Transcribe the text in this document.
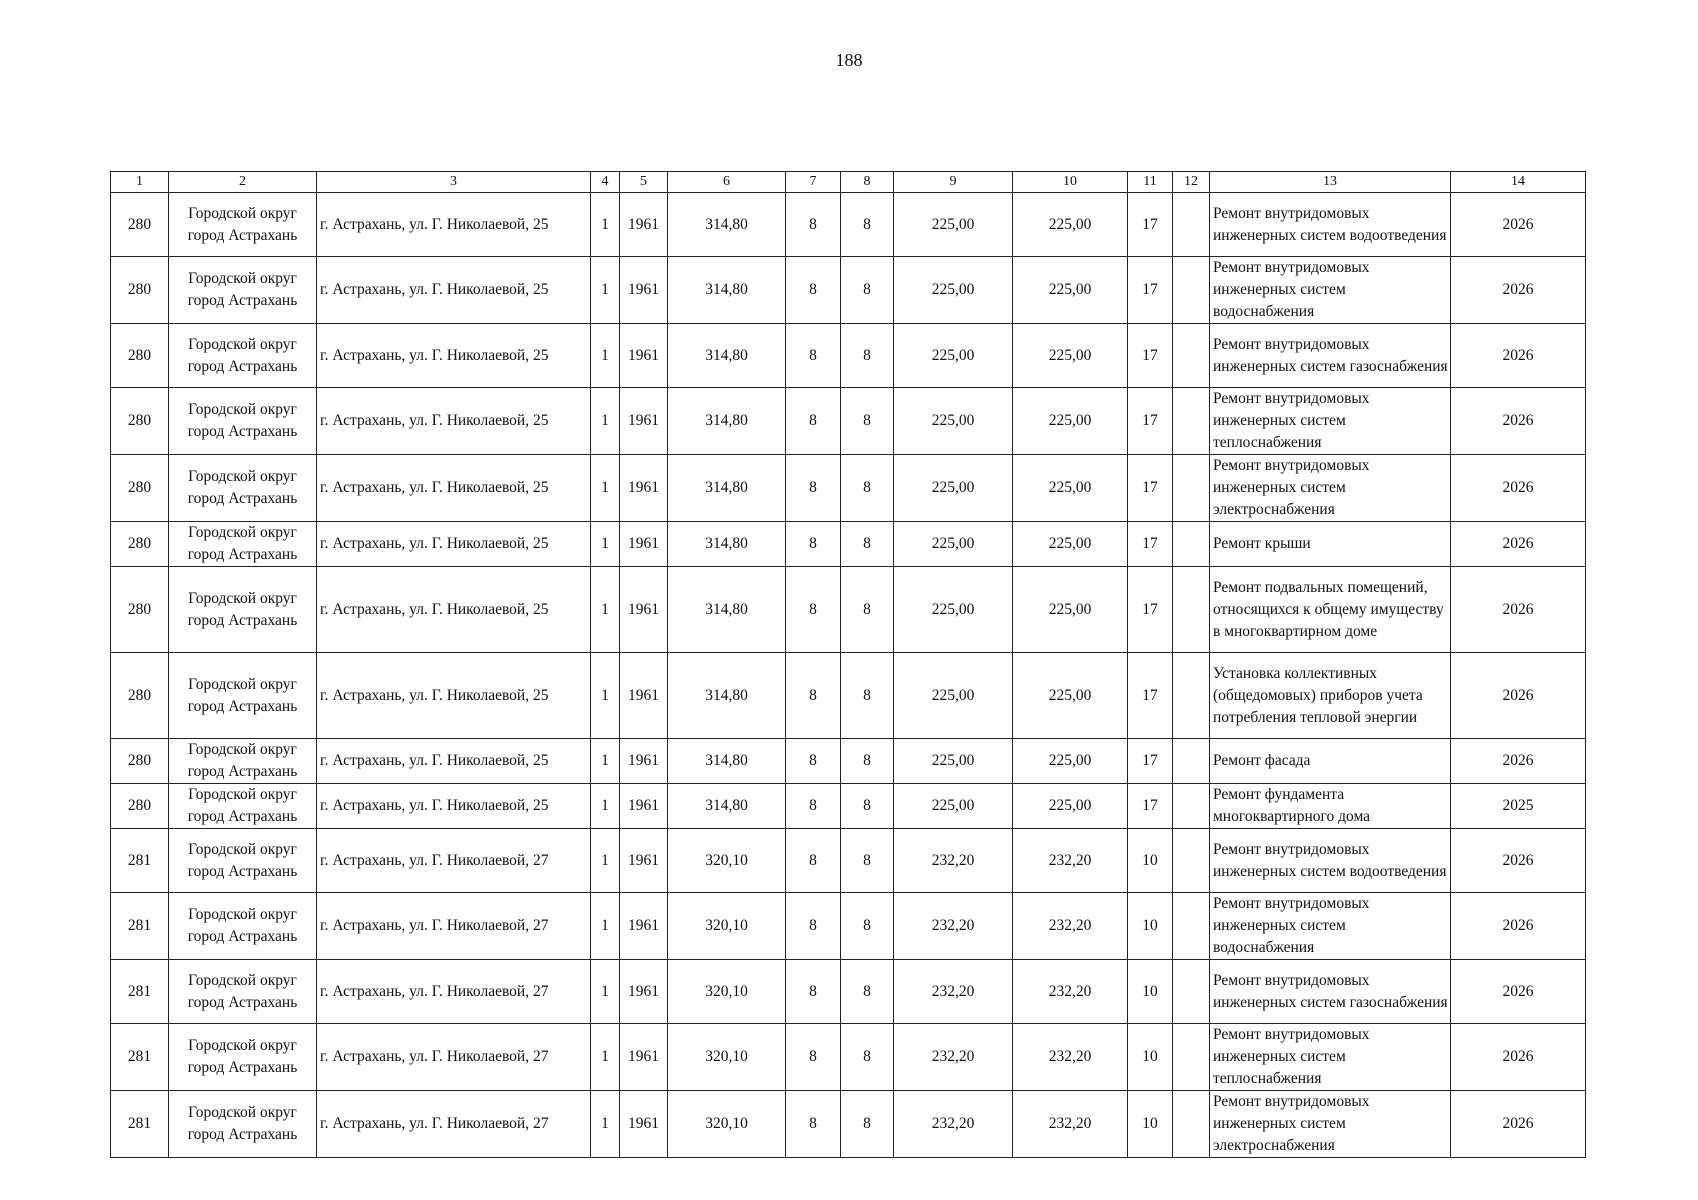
188
1	2	3	4	5	6	7	8	9	10	11	12	13	14
280	Городской округ город Астрахань	г. Астрахань, ул. Г. Николаевой, 25	1	1961	314,80	8	8	225,00	225,00	17		Ремонт внутридомовых инженерных систем водоотведения	2026
280	Городской округ город Астрахань	г. Астрахань, ул. Г. Николаевой, 25	1	1961	314,80	8	8	225,00	225,00	17		Ремонт внутридомовых инженерных систем водоснабжения	2026
280	Городской округ город Астрахань	г. Астрахань, ул. Г. Николаевой, 25	1	1961	314,80	8	8	225,00	225,00	17		Ремонт внутридомовых инженерных систем газоснабжения	2026
280	Городской округ город Астрахань	г. Астрахань, ул. Г. Николаевой, 25	1	1961	314,80	8	8	225,00	225,00	17		Ремонт внутридомовых инженерных систем теплоснабжения	2026
280	Городской округ город Астрахань	г. Астрахань, ул. Г. Николаевой, 25	1	1961	314,80	8	8	225,00	225,00	17		Ремонт внутридомовых инженерных систем электроснабжения	2026
280	Городской округ город Астрахань	г. Астрахань, ул. Г. Николаевой, 25	1	1961	314,80	8	8	225,00	225,00	17		Ремонт крыши	2026
280	Городской округ город Астрахань	г. Астрахань, ул. Г. Николаевой, 25	1	1961	314,80	8	8	225,00	225,00	17		Ремонт подвальных помещений, относящихся к общему имуществу в многоквартирном доме	2026
280	Городской округ город Астрахань	г. Астрахань, ул. Г. Николаевой, 25	1	1961	314,80	8	8	225,00	225,00	17		Установка коллективных (общедомовых) приборов учета потребления тепловой энергии	2026
280	Городской округ город Астрахань	г. Астрахань, ул. Г. Николаевой, 25	1	1961	314,80	8	8	225,00	225,00	17		Ремонт фасада	2026
280	Городской округ город Астрахань	г. Астрахань, ул. Г. Николаевой, 25	1	1961	314,80	8	8	225,00	225,00	17		Ремонт фундамента многоквартирного дома	2025
281	Городской округ город Астрахань	г. Астрахань, ул. Г. Николаевой, 27	1	1961	320,10	8	8	232,20	232,20	10		Ремонт внутридомовых инженерных систем водоотведения	2026
281	Городской округ город Астрахань	г. Астрахань, ул. Г. Николаевой, 27	1	1961	320,10	8	8	232,20	232,20	10		Ремонт внутридомовых инженерных систем водоснабжения	2026
281	Городской округ город Астрахань	г. Астрахань, ул. Г. Николаевой, 27	1	1961	320,10	8	8	232,20	232,20	10		Ремонт внутридомовых инженерных систем газоснабжения	2026
281	Городской округ город Астрахань	г. Астрахань, ул. Г. Николаевой, 27	1	1961	320,10	8	8	232,20	232,20	10		Ремонт внутридомовых инженерных систем теплоснабжения	2026
281	Городской округ город Астрахань	г. Астрахань, ул. Г. Николаевой, 27	1	1961	320,10	8	8	232,20	232,20	10		Ремонт внутридомовых инженерных систем электроснабжения	2026
